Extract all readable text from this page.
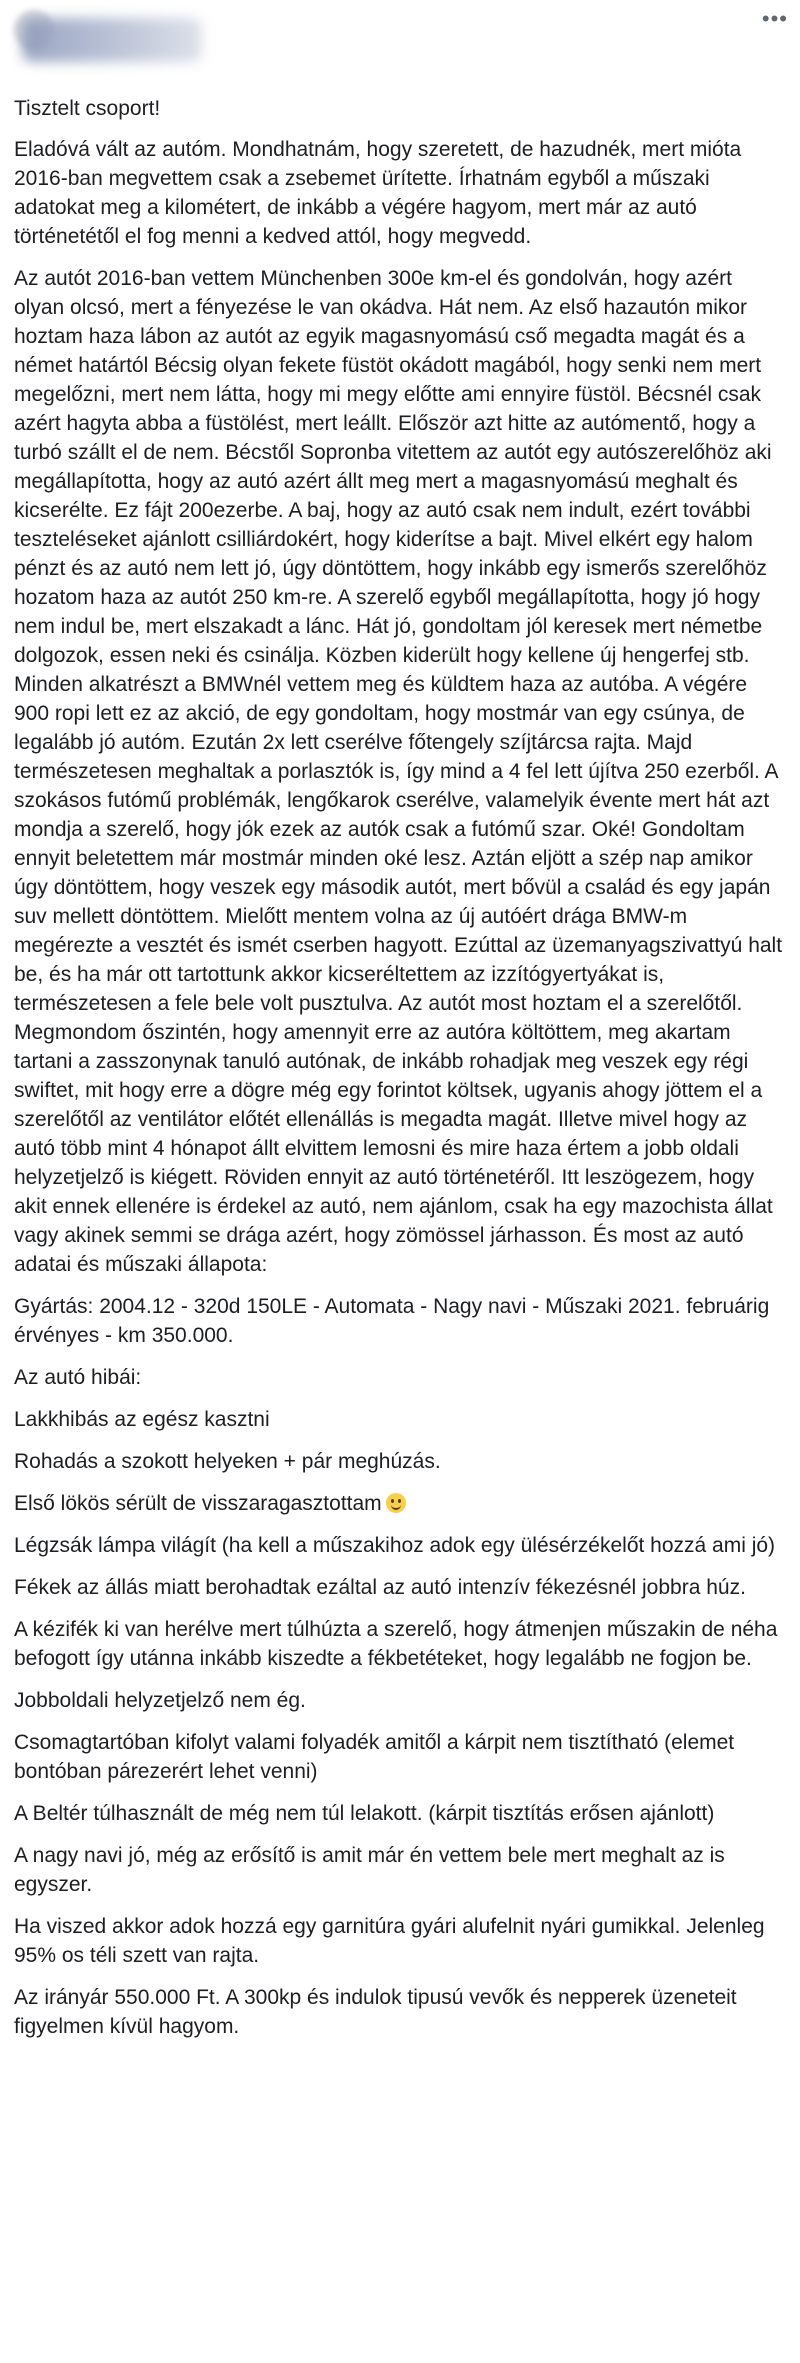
•••

Tisztelt csoport!

Eladóvá vált az autóm. Mondhatnám, hogy szeretett, de hazudnék, mert mióta 2016-ban megvettem csak a zsebemet ürítette. Írhatnám egyből a műszaki adatokat meg a kilométert, de inkább a végére hagyom, mert már az autó történetétől el fog menni a kedved attól, hogy megvedd.

Az autót 2016-ban vettem Münchenben 300e km-el és gondolván, hogy azért olyan olcsó, mert a fényezése le van okádva. Hát nem. Az első hazautón mikor hoztam haza lábon az autót az egyik magasnyomású cső megadta magát és a német határtól Bécsig olyan fekete füstöt okádott magából, hogy senki nem mert megelőzni, mert nem látta, hogy mi megy előtte ami ennyire füstöl. Bécsnél csak azért hagyta abba a füstölést, mert leállt. Először azt hitte az autómentő, hogy a turbó szállt el de nem. Bécstől Sopronba vitettem az autót egy autószerelőhöz aki megállapította, hogy az autó azért állt meg mert a magasnyomású meghalt és kicserélte. Ez fájt 200ezerbe. A baj, hogy az autó csak nem indult, ezért további teszteléseket ajánlott csilliárdokért, hogy kiderítse a bajt. Mivel elkért egy halom pénzt és az autó nem lett jó, úgy döntöttem, hogy inkább egy ismerős szerelőhöz hozatom haza az autót 250 km-re. A szerelő egyből megállapította, hogy jó hogy nem indul be, mert elszakadt a lánc. Hát jó, gondoltam jól keresek mert németbe dolgozok, essen neki és csinálja. Közben kiderült hogy kellene új hengerfej stb. Minden alkatrészt a BMWnél vettem meg és küldtem haza az autóba. A végére 900 ropi lett ez az akció, de egy gondoltam, hogy mostmár van egy csúnya, de legalább jó autóm. Ezután 2x lett cserélve főtengely szíjtárcsa rajta. Majd természetesen meghaltak a porlasztók is, így mind a 4 fel lett újítva 250 ezerből. A szokásos futómű problémák, lengőkarok cserélve, valamelyik évente mert hát azt mondja a szerelő, hogy jók ezek az autók csak a futómű szar. Oké! Gondoltam ennyit beletettem már mostmár minden oké lesz. Aztán eljött a szép nap amikor úgy döntöttem, hogy veszek egy második autót, mert bővül a család és egy japán suv mellett döntöttem. Mielőtt mentem volna az új autóért drága BMW-m megérezte a vesztét és ismét cserben hagyott. Ezúttal az üzemanyagszivattyú halt be, és ha már ott tartottunk akkor kicseréltettem az izzítógyertyákat is, természetesen a fele bele volt pusztulva. Az autót most hoztam el a szerelőtől. Megmondom őszintén, hogy amennyit erre az autóra költöttem, meg akartam tartani a zasszonynak tanuló autónak, de inkább rohadjak meg veszek egy régi swiftet, mit hogy erre a dögre még egy forintot költsek, ugyanis ahogy jöttem el a szerelőtől az ventilátor előtét ellenállás is megadta magát. Illetve mivel hogy az autó több mint 4 hónapot állt elvittem lemosni és mire haza értem a jobb oldali helyzetjelző is kiégett. Röviden ennyit az autó történetéről. Itt leszögezem, hogy akit ennek ellenére is érdekel az autó, nem ajánlom, csak ha egy mazochista állat vagy akinek semmi se drága azért, hogy zömössel járhasson. És most az autó adatai és műszaki állapota:

Gyártás: 2004.12 - 320d 150LE - Automata - Nagy navi - Műszaki 2021. februárig érvényes - km 350.000.

Az autó hibái:

Lakkhibás az egész kasztni

Rohadás a szokott helyeken + pár meghúzás.

Első lökös sérült de visszaragasztottam

Légzsák lámpa világít (ha kell a műszakihoz adok egy ülésérzékelőt hozzá ami jó)

Fékek az állás miatt berohadtak ezáltal az autó intenzív fékezésnél jobbra húz.

A kézifék ki van herélve mert túlhúzta a szerelő, hogy átmenjen műszakin de néha befogott így utánna inkább kiszedte a fékbetéteket, hogy legalább ne fogjon be.

Jobboldali helyzetjelző nem ég.

Csomagtartóban kifolyt valami folyadék amitől a kárpit nem tisztítható (elemet bontóban párezerért lehet venni)

A Beltér túlhasznált de még nem túl lelakott. (kárpit tisztítás erősen ajánlott)

A nagy navi jó, még az erősítő is amit már én vettem bele mert meghalt az is egyszer.

Ha viszed akkor adok hozzá egy garnitúra gyári alufelnit nyári gumikkal. Jelenleg 95% os téli szett van rajta.

Az irányár 550.000 Ft. A 300kp és indulok tipusú vevők és nepperek üzeneteit figyelmen kívül hagyom.
